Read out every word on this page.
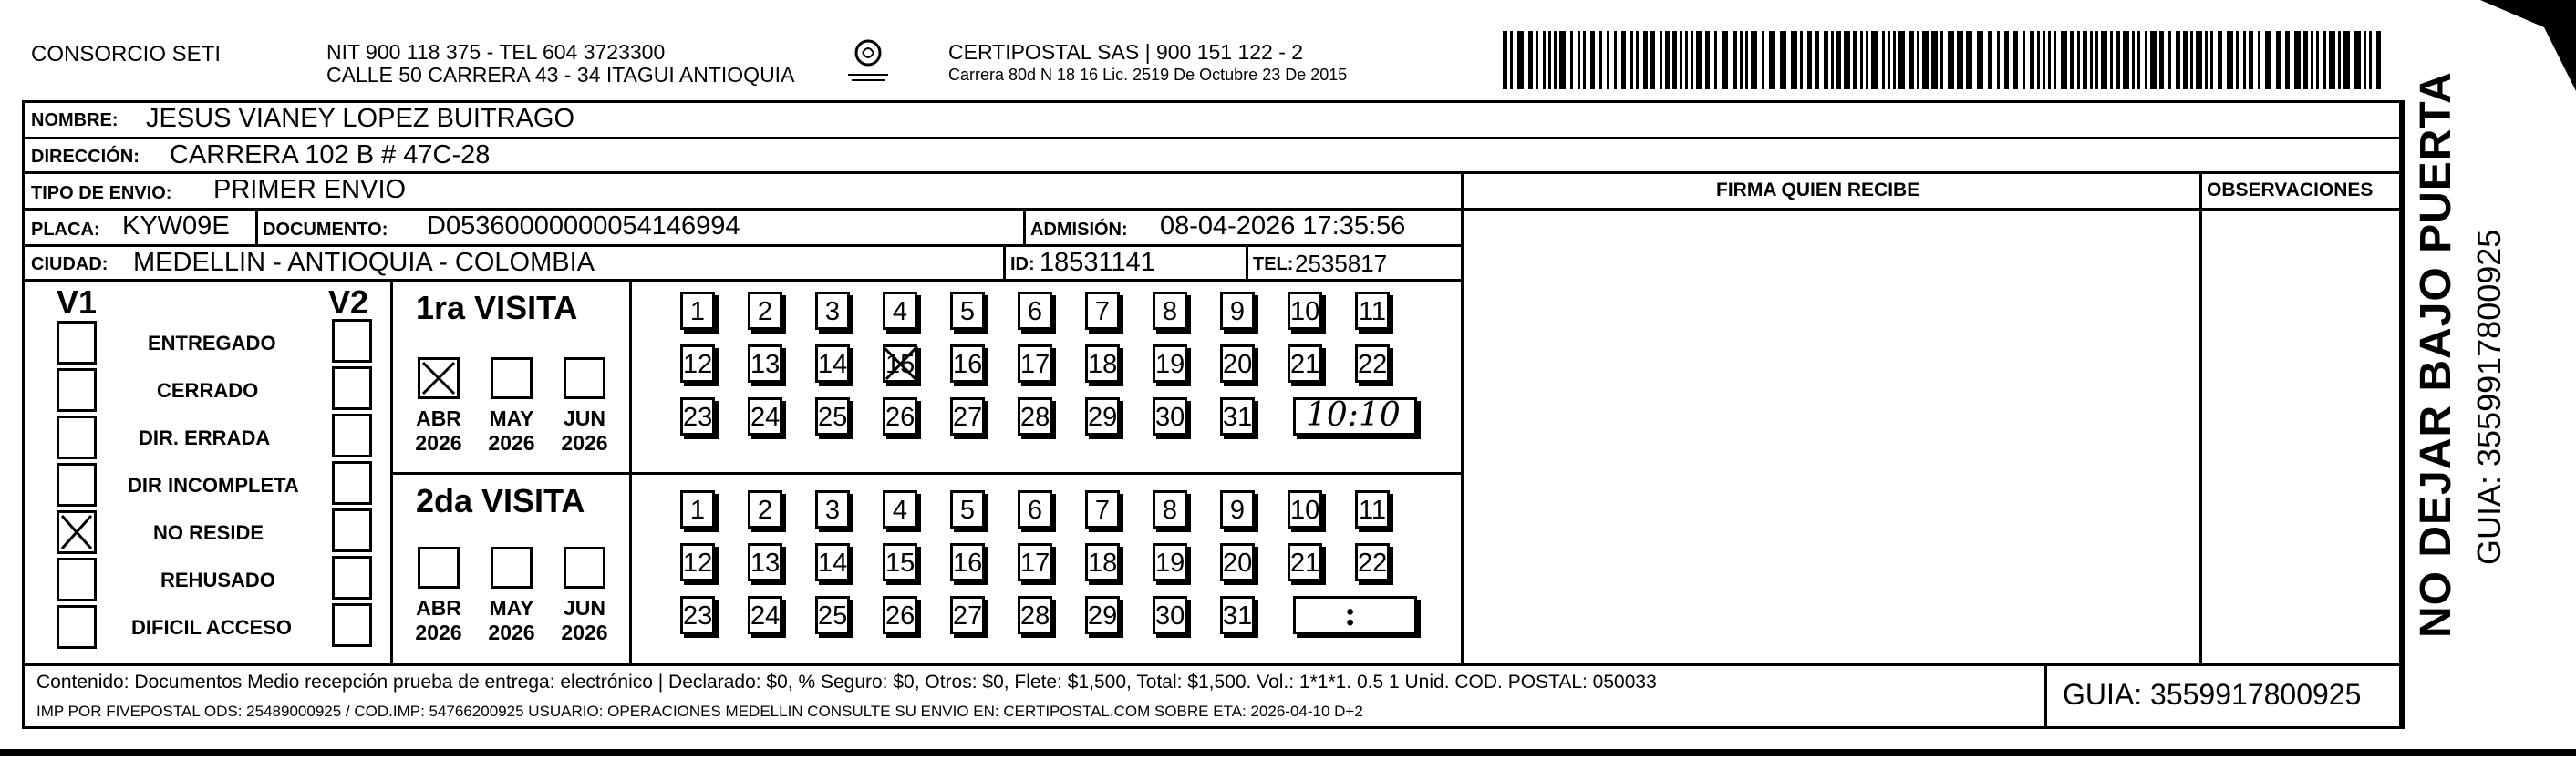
CONSORCIO SETI	NIT 900 118 375 - TEL 604 3723300
CALLE 50 CARRERA 43 - 34 ITAGUI ANTIOQUIA
CERTIPOSTAL SAS | 900 151 122 - 2
Carrera 80d N 18 16 Lic. 2519 De Octubre 23 De 2015
NOMBRE: JESUS VIANEY LOPEZ BUITRAGO
DIRECCIÓN: CARRERA 102 B # 47C-28
TIPO DE ENVIO: PRIMER ENVIO	FIRMA QUIEN RECIBE	OBSERVACIONES
PLACA: KYW09E DOCUMENTO: D05360000000054146994	ADMISIÓN: 08-04-2026 17:35:56
CIUDAD: MEDELLIN - ANTIOQUIA - COLOMBIA	ID: 18531141	TEL: 2535817
V1	V2
ENTREGADO
CERRADO
DIR. ERRADA
DIR INCOMPLETA
NO RESIDE
REHUSADO
DIFICIL ACCESO
1ra VISITA
2da VISITA
ABR
2026
MAY
2026
JUN
2026
ABR
2026
MAY
2026
JUN
2026
1	2	3	4	5	6	7	8	9	10 11
12 13 14 15 16 17 18 19 20 21 22
23 24 25 26 27 28 29 30 31 10:10
1	2	3	4	5	6	7	8	9	10 11
12 13 14 15 16 17 18 19 20 21 22
23 24 25 26 27 28 29 30 31	:
Contenido: Documentos Medio recepción prueba de entrega: electrónico | Declarado: $0, % Seguro: $0, Otros: $0, Flete: $1,500, Total: $1,500. Vol.: 1*1*1. 0.5 1 Unid. COD. POSTAL: 050033
IMP POR FIVEPOSTAL ODS: 25489000925 / COD.IMP: 54766200925 USUARIO: OPERACIONES MEDELLIN CONSULTE SU ENVIO EN: CERTIPOSTAL.COM SOBRE ETA: 2026-04-10 D+2
GUIA: 3559917800925
NO DEJAR BAJO PUERTA GUIA: 3559917800925
